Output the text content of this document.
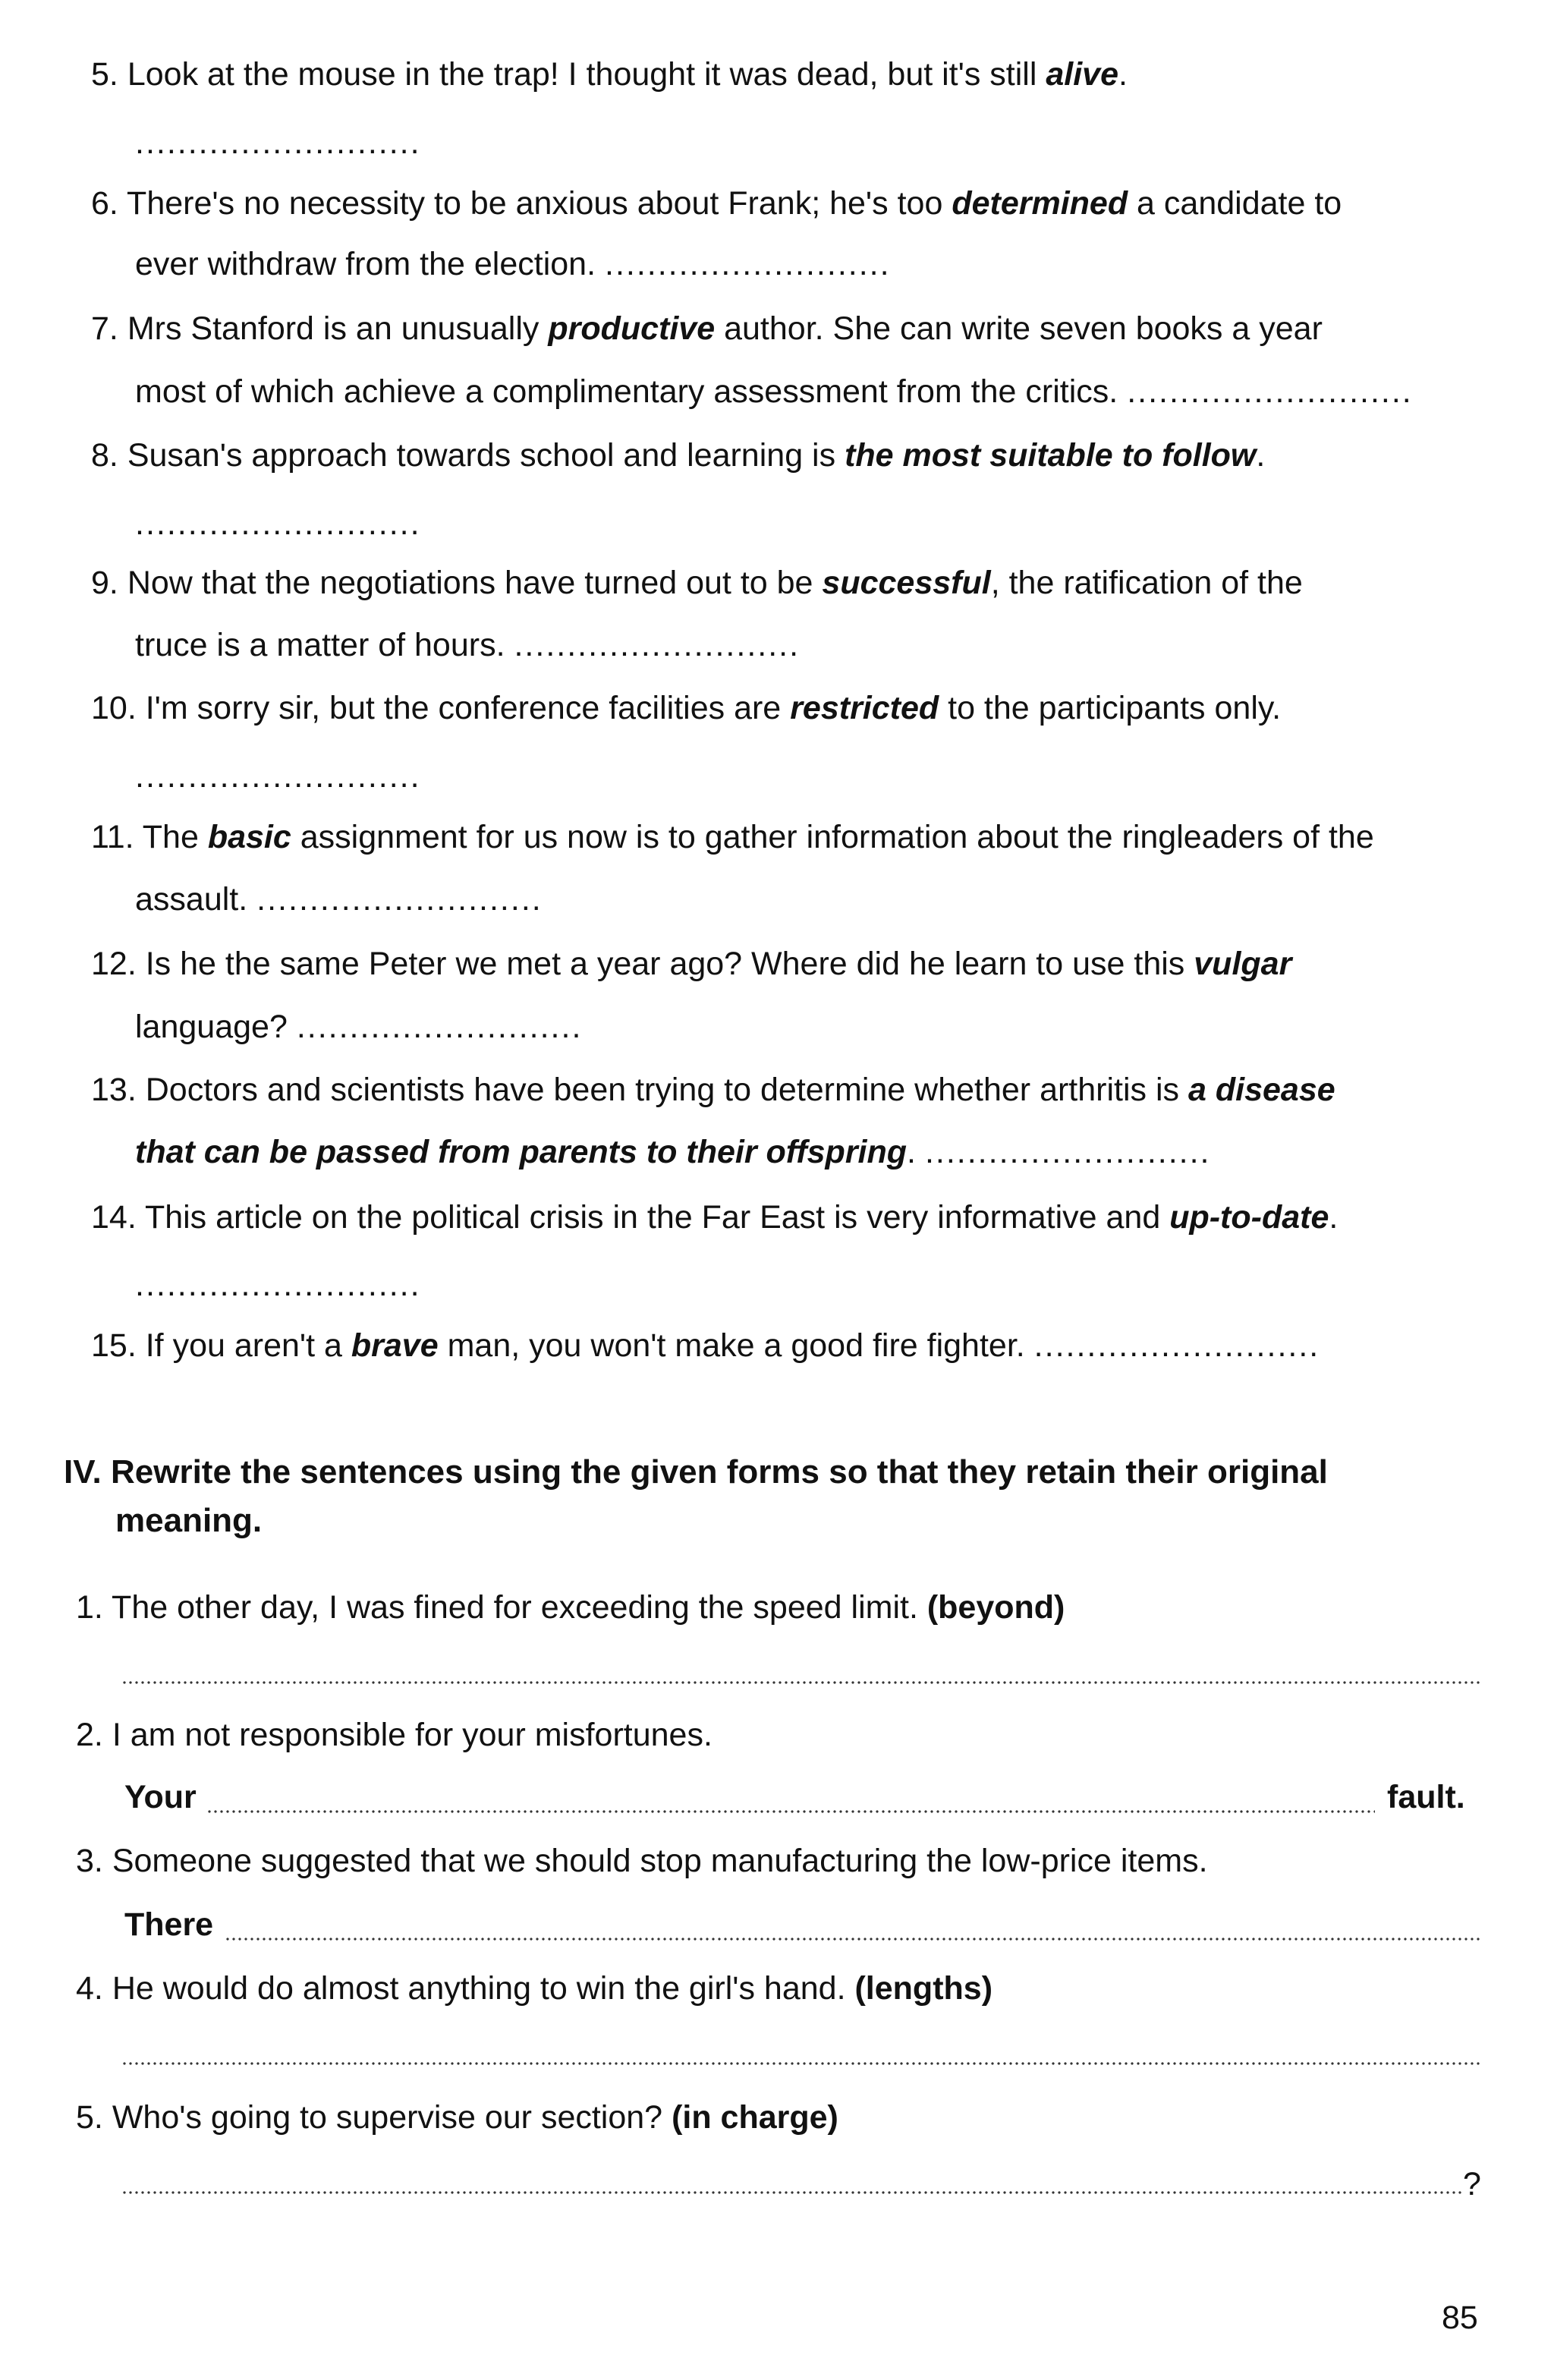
5. Look at the mouse in the trap! I thought it was dead, but it's still alive.
...........................
6. There's no necessity to be anxious about Frank; he's too determined a candidate to
ever withdraw from the election. ...........................
7. Mrs Stanford is an unusually productive author. She can write seven books a year
most of which achieve a complimentary assessment from the critics. ...........................
8. Susan's approach towards school and learning is the most suitable to follow.
...........................
9. Now that the negotiations have turned out to be successful, the ratification of the
truce is a matter of hours. ...........................
10. I'm sorry sir, but the conference facilities are restricted to the participants only.
...........................
11. The basic assignment for us now is to gather information about the ringleaders of the
assault. ...........................
12. Is he the same Peter we met a year ago? Where did he learn to use this vulgar
language? ...........................
13. Doctors and scientists have been trying to determine whether arthritis is a disease
that can be passed from parents to their offspring. ...........................
14. This article on the political crisis in the Far East is very informative and up-to-date.
...........................
15. If you aren't a brave man, you won't make a good fire fighter. ...........................
IV. Rewrite the sentences using the given forms so that they retain their original
meaning.
1. The other day, I was fined for exceeding the speed limit. (beyond)
2. I am not responsible for your misfortunes.
Your	fault.
3. Someone suggested that we should stop manufacturing the low-price items.
There
4. He would do almost anything to win the girl's hand. (lengths)
5. Who's going to supervise our section? (in charge)
?
85
